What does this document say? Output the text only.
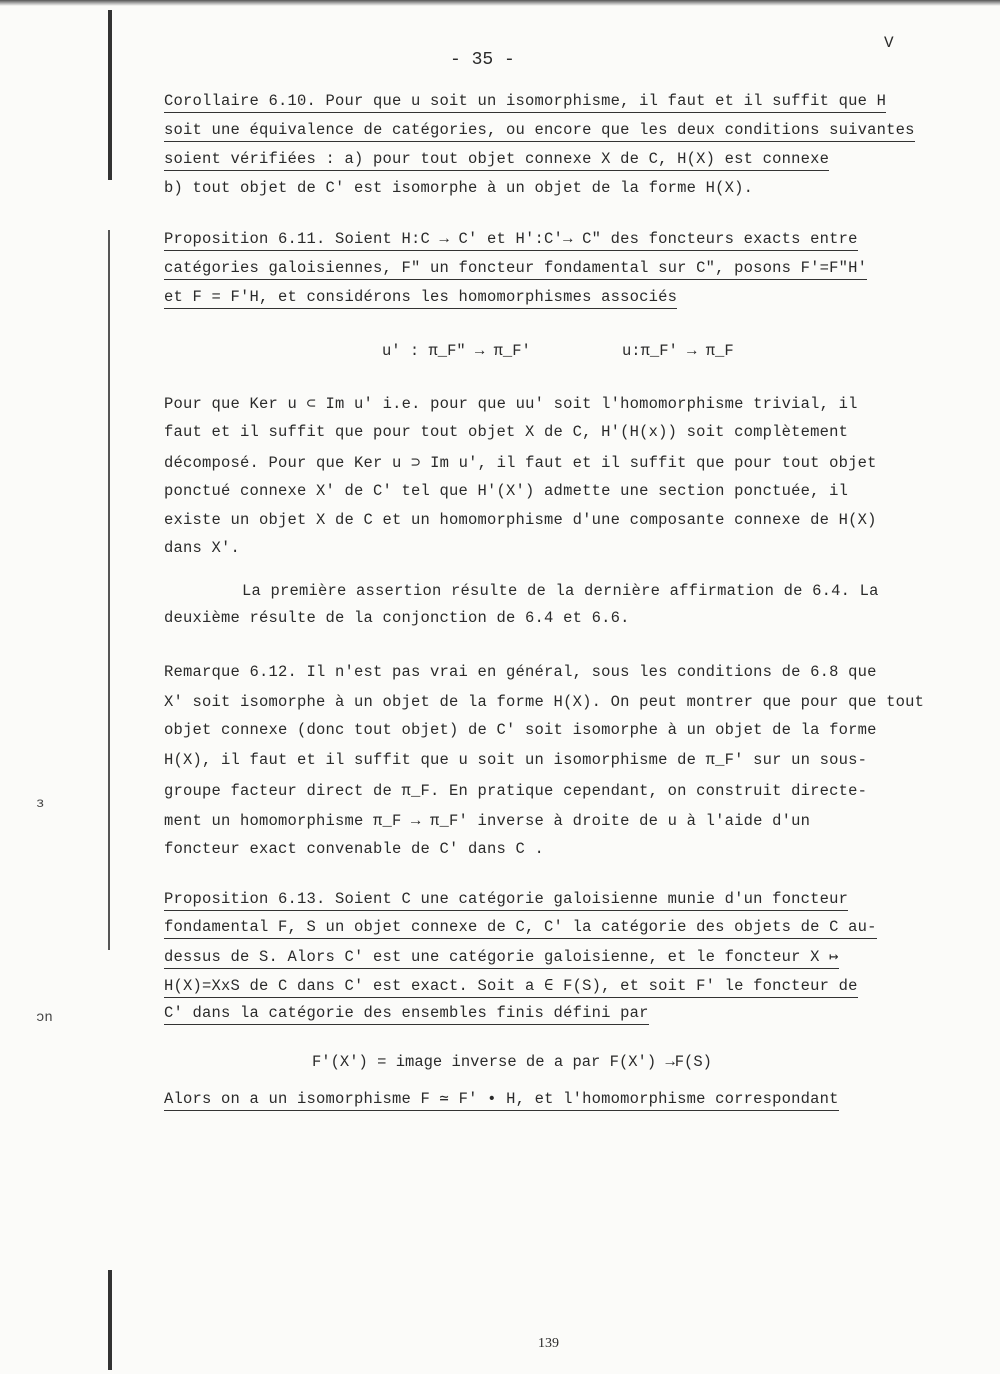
ɜ
ɔn
- 35 -
V
Corollaire 6.10. Pour que u soit un isomorphisme, il faut et il suffit que H
soit une équivalence de catégories, ou encore que les deux conditions suivantes
soient vérifiées : a) pour tout objet connexe X de C, H(X) est connexe
b) tout objet de C' est isomorphe à un objet de la forme H(X).
Proposition 6.11. Soient H:C → C' et H':C'→ C" des foncteurs exacts entre
catégories galoisiennes, F" un foncteur fondamental sur C", posons F'=F"H'
et F = F'H, et considérons les homomorphismes associés
u' : π_F" → π_F'	u:π_F' → π_F
Pour que Ker u ⊂ Im u' i.e. pour que uu' soit l'homomorphisme trivial, il
faut et il suffit que pour tout objet X de C, H'(H(x)) soit complètement
décomposé. Pour que Ker u ⊃ Im u', il faut et il suffit que pour tout objet
ponctué connexe X' de C' tel que H'(X') admette une section ponctuée, il
existe un objet X de C et un homomorphisme d'une composante connexe de H(X)
dans X'.
La première assertion résulte de la dernière affirmation de 6.4. La
deuxième résulte de la conjonction de 6.4 et 6.6.
Remarque 6.12. Il n'est pas vrai en général, sous les conditions de 6.8 que
X' soit isomorphe à un objet de la forme H(X). On peut montrer que pour que tout
objet connexe (donc tout objet) de C' soit isomorphe à un objet de la forme
H(X), il faut et il suffit que u soit un isomorphisme de π_F' sur un sous-
groupe facteur direct de π_F. En pratique cependant, on construit directe-
ment un homomorphisme π_F → π_F' inverse à droite de u à l'aide d'un
foncteur exact convenable de C' dans C .
Proposition 6.13. Soient C une catégorie galoisienne munie d'un foncteur
fondamental F, S un objet connexe de C, C' la catégorie des objets de C au-
dessus de S. Alors C' est une catégorie galoisienne, et le foncteur X ↦
H(X)=XxS de C dans C' est exact. Soit a ∈ F(S), et soit F' le foncteur de
C' dans la catégorie des ensembles finis défini par
F'(X') = image inverse de a par F(X') →F(S)
Alors on a un isomorphisme F ≃ F' • H, et l'homomorphisme correspondant
139
